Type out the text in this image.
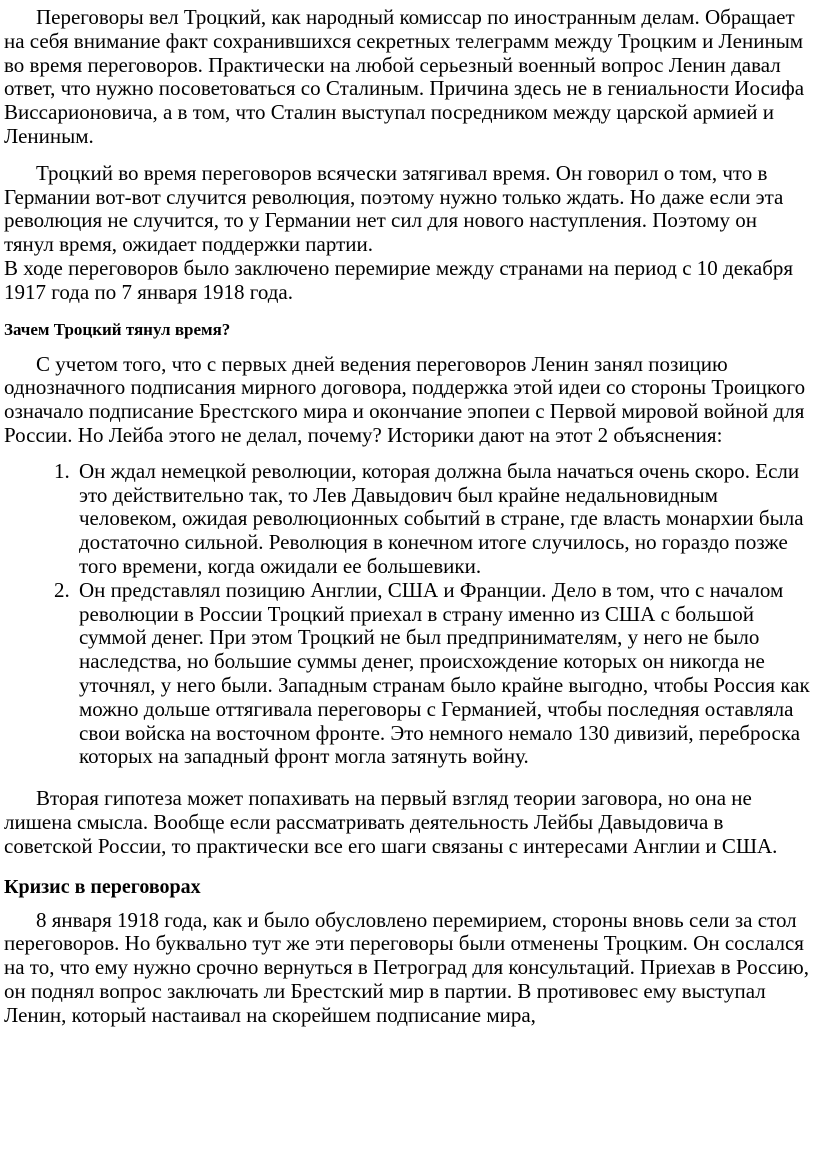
Переговоры вел Троцкий, как народный комиссар по иностранным делам. Обращает на себя внимание факт сохранившихся секретных телеграмм между Троцким и Лениным во время переговоров. Практически на любой серьезный военный вопрос Ленин давал ответ, что нужно посоветоваться со Сталиным. Причина здесь не в гениальности Иосифа Виссарионовича, а в том, что Сталин выступал посредником между царской армией и Лениным.

Троцкий во время переговоров всячески затягивал время. Он говорил о том, что в Германии вот-вот случится революция, поэтому нужно только ждать. Но даже если эта революция не случится, то у Германии нет сил для нового наступления. Поэтому он тянул время, ожидает поддержки партии.

В ходе переговоров было заключено перемирие между странами на период с 10 декабря 1917 года по 7 января 1918 года.

Зачем Троцкий тянул время?

С учетом того, что с первых дней ведения переговоров Ленин занял позицию однозначного подписания мирного договора, поддержка этой идеи со стороны Троицкого означало подписание Брестского мира и окончание эпопеи с Первой мировой войной для России. Но Лейба этого не делал, почему? Историки дают на этот 2 объяснения:

1. Он ждал немецкой революции, которая должна была начаться очень скоро. Если это действительно так, то Лев Давыдович был крайне недальновидным человеком, ожидая революционных событий в стране, где власть монархии была достаточно сильной. Революция в конечном итоге случилось, но гораздо позже того времени, когда ожидали ее большевики.
2. Он представлял позицию Англии, США и Франции. Дело в том, что с началом революции в России Троцкий приехал в страну именно из США с большой суммой денег. При этом Троцкий не был предпринимателям, у него не было наследства, но большие суммы денег, происхождение которых он никогда не уточнял, у него были. Западным странам было крайне выгодно, чтобы Россия как можно дольше оттягивала переговоры с Германией, чтобы последняя оставляла свои войска на восточном фронте. Это немного немало 130 дивизий, переброска которых на западный фронт могла затянуть войну.

Вторая гипотеза может попахивать на первый взгляд теории заговора, но она не лишена смысла. Вообще если рассматривать деятельность Лейбы Давыдовича в советской России, то практически все его шаги связаны с интересами Англии и США.

Кризис в переговорах

8 января 1918 года, как и было обусловлено перемирием, стороны вновь сели за стол переговоров. Но буквально тут же эти переговоры были отменены Троцким. Он сослался на то, что ему нужно срочно вернуться в Петроград для консультаций. Приехав в Россию, он поднял вопрос заключать ли Брестский мир в партии. В противовес ему выступал Ленин, который настаивал на скорейшем подписание мира,
